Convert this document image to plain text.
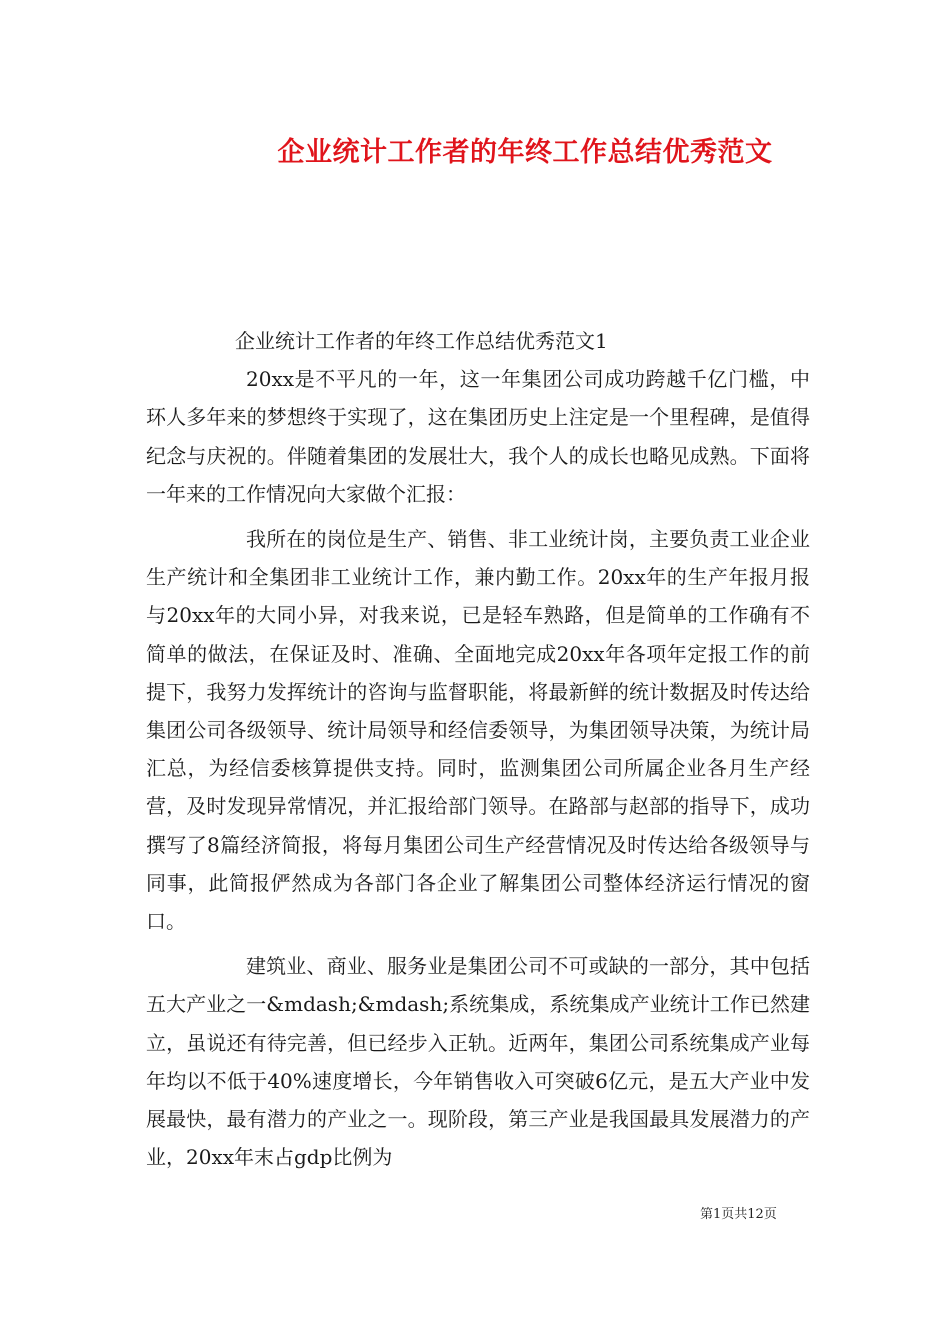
企业统计工作者的年终工作总结优秀范文

企业统计工作者的年终工作总结优秀范文1

20xx是不平凡的一年，这一年集团公司成功跨越千亿门槛，中环人多年来的梦想终于实现了，这在集团历史上注定是一个里程碑，是值得纪念与庆祝的。伴随着集团的发展壮大，我个人的成长也略见成熟。下面将一年来的工作情况向大家做个汇报：

我所在的岗位是生产、销售、非工业统计岗，主要负责工业企业生产统计和全集团非工业统计工作，兼内勤工作。20xx年的生产年报月报与20xx年的大同小异，对我来说，已是轻车熟路，但是简单的工作确有不简单的做法，在保证及时、准确、全面地完成20xx年各项年定报工作的前提下，我努力发挥统计的咨询与监督职能，将最新鲜的统计数据及时传达给集团公司各级领导、统计局领导和经信委领导，为集团领导决策，为统计局汇总，为经信委核算提供支持。同时，监测集团公司所属企业各月生产经营，及时发现异常情况，并汇报给部门领导。在路部与赵部的指导下，成功撰写了8篇经济简报，将每月集团公司生产经营情况及时传达给各级领导与同事，此简报俨然成为各部门各企业了解集团公司整体经济运行情况的窗口。

建筑业、商业、服务业是集团公司不可或缺的一部分，其中包括五大产业之一&mdash;&mdash;系统集成，系统集成产业统计工作已然建立，虽说还有待完善，但已经步入正轨。近两年，集团公司系统集成产业每年均以不低于40%速度增长，今年销售收入可突破6亿元，是五大产业中发展最快，最有潜力的产业之一。现阶段，第三产业是我国最具发展潜力的产业，20xx年末占gdp比例为

第1页共12页
